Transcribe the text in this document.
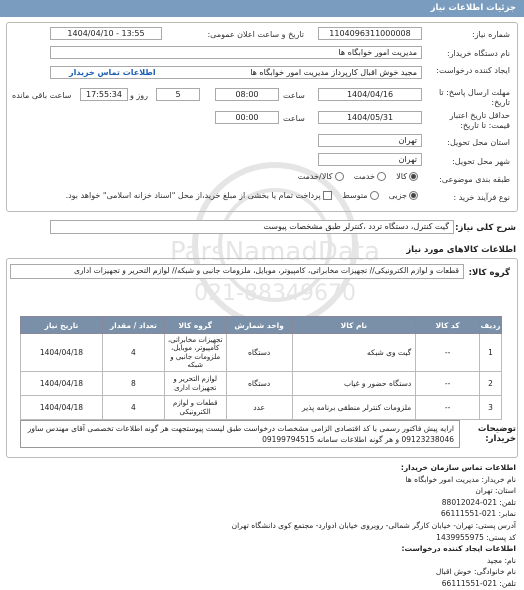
جزئیات اطلاعات نیاز
ParsNamadData
021-88349670
شماره نیاز:
1104096311000008
تاریخ و ساعت اعلان عمومی:
1404/04/10 - 13:55
نام دستگاه خریدار:
مدیریت امور خوابگاه ها
ایجاد کننده درخواست:
مجید خوش اقبال کارپرداز مدیریت امور خوابگاه ها
اطلاعات تماس خریدار
مهلت ارسال پاسخ: تا تاریخ:
1404/04/16
ساعت
08:00
5
روز و
17:55:34
ساعت باقی مانده
حداقل تاریخ اعتبار قیمت: تا تاریخ:
1404/05/31
ساعت
00:00
استان محل تحویل:
تهران
شهر محل تحویل:
تهران
طبقه بندی موضوعی:
کالا    خدمت    کالا/خدمت
نوع فرآیند خرید :
جزیی    متوسط     پرداخت تمام یا بخشی از مبلغ خرید،از محل "اسناد خزانه اسلامی" خواهد بود.
شرح کلی نیاز:
گیت کنترل، دستگاه تردد ،کنترلر طبق مشخصات پیوست
اطلاعات کالاهای مورد نیاز
گروه کالا:
قطعات و لوازم الکترونیکی// تجهیزات مخابراتی، کامپیوتر، موبایل، ملزومات جانبی و شبکه// لوازم التحریر و تجهیزات اداری
ردیف	کد کالا	نام کالا	واحد شمارش	گروه کالا	تعداد / مقدار	تاریخ نیاز
1	--	گیت وی شبکه	دستگاه	تجهیزات مخابراتی، کامپیوتر، موبایل، ملزومات جانبی و شبکه	4	1404/04/18
2	--	دستگاه حضور و غیاب	دستگاه	لوازم التحریر و تجهیزات اداری	8	1404/04/18
3	--	ملزومات کنترلر منطقی برنامه پذیر	عدد	قطعات و لوازم الکترونیکی	4	1404/04/18
توضیحات خریدار:
ارایه پیش فاکتور رسمی با کد اقتصادی الزامی مشخصات درخواست طبق لیست پیوستجهت هر گونه اطلاعات تخصصی آقای مهندس ساور 09123238046 و هر گونه اطلاعات سامانه 09199794515
اطلاعات تماس سازمان خریدار:
نام خریدار: مدیریت امور خوابگاه ها
استان: تهران
تلفن: 021-88012024
نمابر: 021-66111551
آدرس پستی: تهران- خیابان کارگر شمالی- روبروی خیابان ادوارد- مجتمع کوی دانشگاه تهران
کد پستی: 1439955975
اطلاعات ایجاد کننده درخواست:
نام: مجید
نام خانوادگی: خوش اقبال
تلفن: 021-66111551
